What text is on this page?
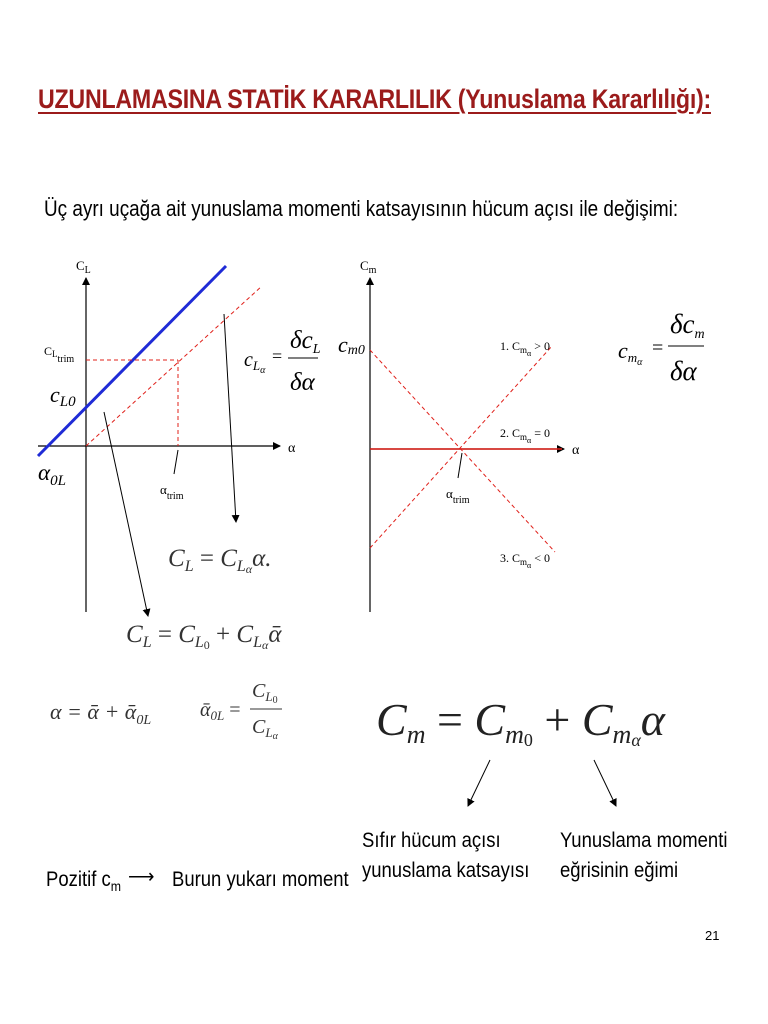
UZUNLAMASINA STATİK KARARLILIK (Yunuslama Kararlılığı):
Üç ayrı uçağa ait yunuslama momenti katsayısının hücum açısı ile değişimi:
$C_L$
α
$CL_{trim}$
cL0
$\alpha_{0L}$
$\alpha_{trim}$
$c_L\alpha$
=
$\delta c_L$
δα
$C_m$
α
cm0	1. $C_{m\alpha} > 0$
2. $C_{m\alpha} = 0$
3. $C_{m\alpha} < 0$
$\alpha_{trim}$
cmα
=
δcm
δα
$C_L = C_L\alpha\alpha$.
$C_L = C_L0$ + $C_L\alpha ᾱ$
α = ᾱ + ᾱ$_{0L}$ ᾱ$_{0L}$ =
$C_L0$
$C_L\alpha$ Cm = Cm0 + Cmαα
Pozitif $c_m$ ⟶ Burun yukarı moment
Sıfır hücum açısı
yunuslama katsayısı
Yunuslama momenti
eğrisinin eğimi
21
